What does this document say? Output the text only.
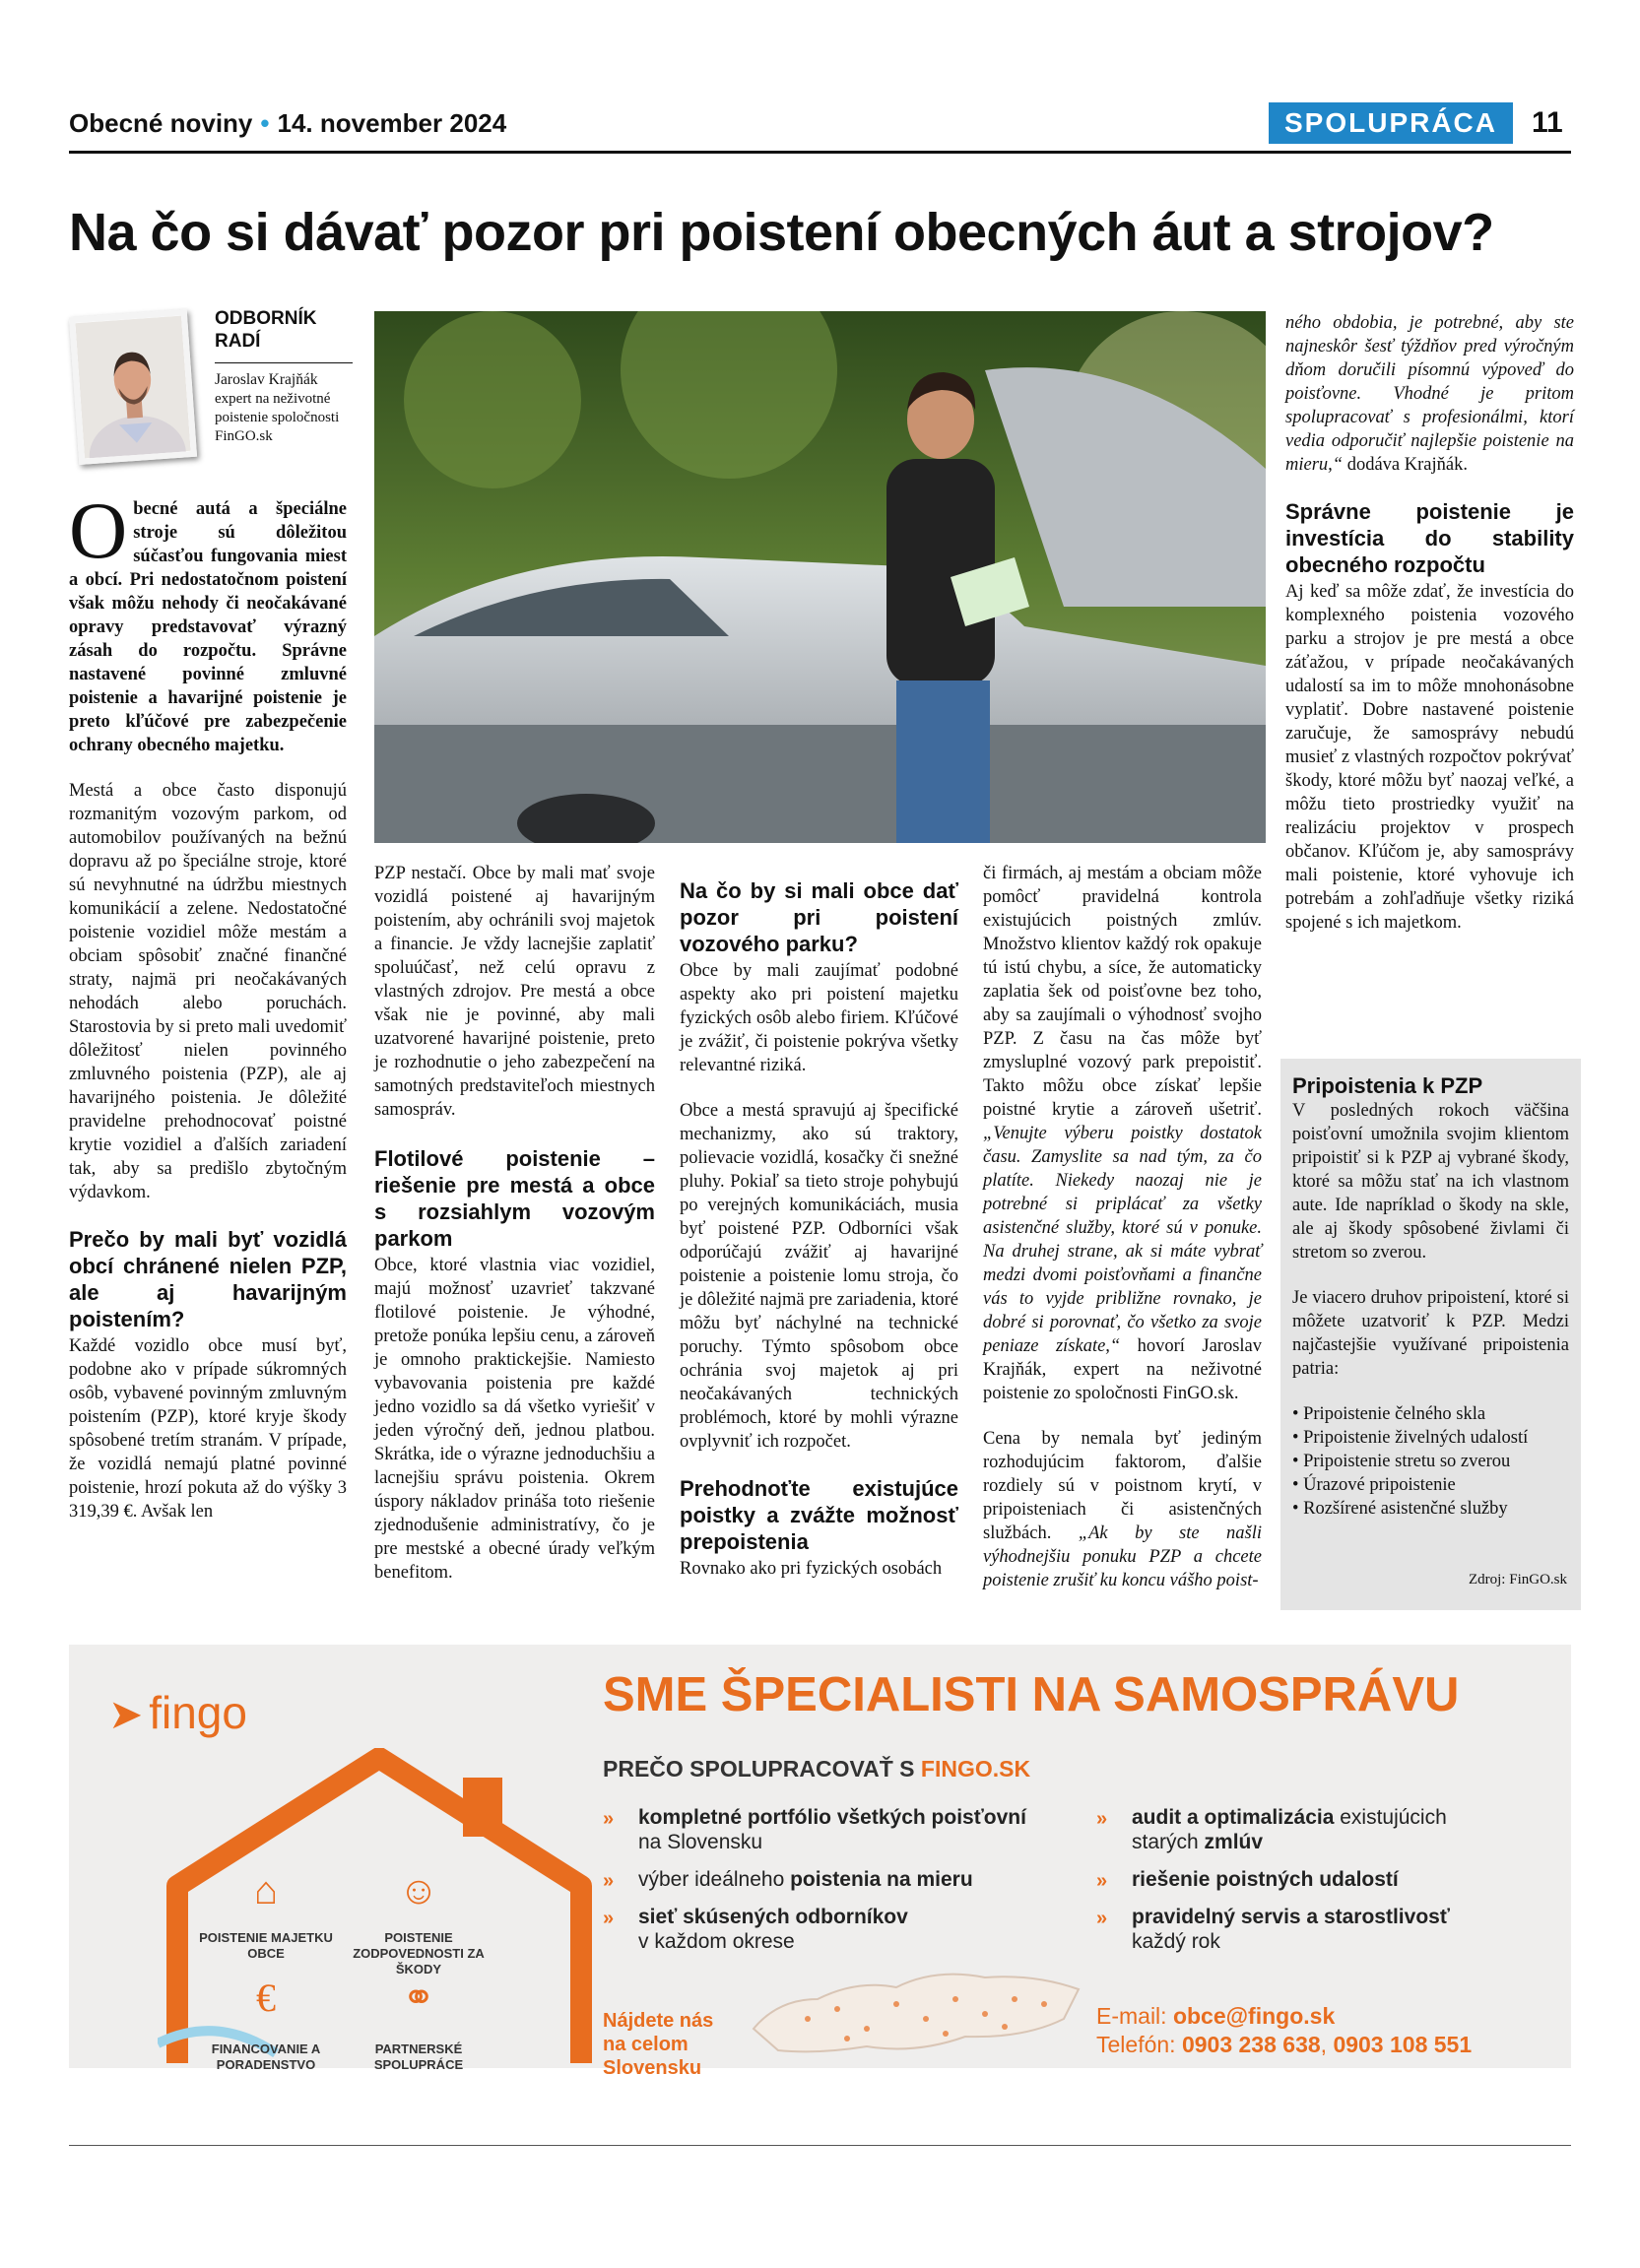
Obecné noviny • 14. november 2024	SPOLUPRÁCA	11
Na čo si dávať pozor pri poistení obecných áut a strojov?
ODBORNÍK RADÍ
Jaroslav Krajňák
expert na neživotné poistenie spoločnosti FinGO.sk

Obecné autá a špeciálne stroje sú dôležitou súčasťou fungovania miest a obcí. Pri nedostatočnom poistení však môžu nehody či neočakávané opravy predstavovať výrazný zásah do rozpočtu. Správne nastavené povinné zmluvné poistenie a havarijné poistenie je preto kľúčové pre zabezpečenie ochrany obecného majetku.

Mestá a obce často disponujú rozmanitým vozovým parkom, od automobilov používaných na bežnú dopravu až po špeciálne stroje, ktoré sú nevyhnutné na údržbu miestnych komunikácií a zelene. Nedostatočné poistenie vozidiel môže mestám a obciam spôsobiť značné finančné straty, najmä pri neočakávaných nehodách alebo poruchách. Starostovia by si preto mali uvedomiť dôležitosť nielen povinného zmluvného poistenia (PZP), ale aj havarijného poistenia. Je dôležité pravidelne prehodnocovať poistné krytie vozidiel a ďalších zariadení tak, aby sa predišlo zbytočným výdavkom.

Prečo by mali byť vozidlá obcí chránené nielen PZP, ale aj havarijným poistením?

Každé vozidlo obce musí byť, podobne ako v prípade súkromných osôb, vybavené povinným zmluvným poistením (PZP), ktoré kryje škody spôsobené tretím stranám. V prípade, že vozidlá nemajú platné povinné poistenie, hrozí pokuta až do výšky 3 319,39 €. Avšak len

PZP nestačí. Obce by mali mať svoje vozidlá poistené aj havarijným poistením, aby ochránili svoj majetok a financie. Je vždy lacnejšie zaplatiť spoluúčasť, než celú opravu z vlastných zdrojov. Pre mestá a obce však nie je povinné, aby mali uzatvorené havarijné poistenie, preto je rozhodnutie o jeho zabezpečení na samotných predstaviteľoch miestnych samospráv.

Flotilové poistenie – riešenie pre mestá a obce s rozsiahlym vozovým parkom

Obce, ktoré vlastnia viac vozidiel, majú možnosť uzavrieť takzvané flotilové poistenie. Je výhodné, pretože ponúka lepšiu cenu, a zároveň je omnoho praktickejšie. Namiesto vybavovania poistenia pre každé jedno vozidlo sa dá všetko vyriešiť v jeden výročný deň, jednou platbou. Skrátka, ide o výrazne jednoduchšiu a lacnejšiu správu poistenia. Okrem úspory nákladov prináša toto riešenie zjednodušenie administratívy, čo je pre mestské a obecné úrady veľkým benefitom.

Na čo by si mali obce dať pozor pri poistení vozového parku?

Obce by mali zaujímať podobné aspekty ako pri poistení majetku fyzických osôb alebo firiem. Kľúčové je zvážiť, či poistenie pokrýva všetky relevantné riziká.

Obce a mestá spravujú aj špecifické mechanizmy, ako sú traktory, polievacie vozidlá, kosačky či snežné pluhy. Pokiaľ sa tieto stroje pohybujú po verejných komunikáciách, musia byť poistené PZP. Odborníci však odporúčajú zvážiť aj havarijné poistenie a poistenie lomu stroja, čo je dôležité najmä pre zariadenia, ktoré môžu byť náchylné na technické poruchy. Týmto spôsobom obce ochránia svoj majetok aj pri neočakávaných technických problémoch, ktoré by mohli výrazne ovplyvniť ich rozpočet.

Prehodnoťte existujúce poistky a zvážte možnosť prepoistenia

Rovnako ako pri fyzických osobách

či firmách, aj mestám a obciam môže pomôcť pravidelná kontrola existujúcich poistných zmlúv. Množstvo klientov každý rok opakuje tú istú chybu, a síce, že automaticky zaplatia šek od poisťovne bez toho, aby sa zaujímali o výhodnosť svojho PZP. Z času na čas môže byť zmysluplné vozový park prepoistiť. Takto môžu obce získať lepšie poistné krytie a zároveň ušetriť. „Venujte výberu poistky dostatok času. Zamyslite sa nad tým, za čo platíte. Niekedy naozaj nie je potrebné si priplácať za všetky asistenčné služby, ktoré sú v ponuke. Na druhej strane, ak si máte vybrať medzi dvomi poisťovňami a finančne vás to vyjde približne rovnako, je dobré si porovnať, čo všetko za svoje peniaze získate,“ hovorí Jaroslav Krajňák, expert na neživotné poistenie zo spoločnosti FinGO.sk.

Cena by nemala byť jediným rozhodujúcim faktorom, ďalšie rozdiely sú v poistnom krytí, v pripoisteniach či asistenčných službách. „Ak by ste našli výhodnejšiu ponuku PZP a chcete poistenie zrušiť ku koncu vášho poist-

ného obdobia, je potrebné, aby ste najneskôr šesť týždňov pred výročným dňom doručili písomnú výpoveď do poisťovne. Vhodné je pritom spolupracovať s profesionálmi, ktorí vedia odporučiť najlepšie poistenie na mieru,“ dodáva Krajňák.

Správne poistenie je investícia do stability obecného rozpočtu

Aj keď sa môže zdať, že investícia do komplexného poistenia vozového parku a strojov je pre mestá a obce záťažou, v prípade neočakávaných udalostí sa im to môže mnohonásobne vyplatiť. Dobre nastavené poistenie zaručuje, že samosprávy nebudú musieť z vlastných rozpočtov pokrývať škody, ktoré môžu byť naozaj veľké, a môžu tieto prostriedky využiť na realizáciu projektov v prospech občanov. Kľúčom je, aby samosprávy mali poistenie, ktoré vyhovuje ich potrebám a zohľadňuje všetky riziká spojené s ich majetkom.

Pripoistenia k PZP

V posledných rokoch väčšina poisťovní umožnila svojim klientom pripoistiť si k PZP aj vybrané škody, ktoré sa môžu stať na ich vlastnom aute. Ide napríklad o škody na skle, ale aj škody spôsobené živlami či stretom so zverou.

Je viacero druhov pripoistení, ktoré si môžete uzatvoriť k PZP. Medzi najčastejšie využívané pripoistenia patria:

• Pripoistenie čelného skla
• Pripoistenie živelných udalostí
• Pripoistenie stretu so zverou
• Úrazové pripoistenie
• Rozšírené asistenčné služby
Zdroj: FinGO.sk
➤ fingo
⌂	☺
POISTENIE MAJETKU OBCE
POISTENIE ZODPOVEDNOSTI ZA ŠKODY
€	⚭
FINANCOVANIE A PORADENSTVO
PARTNERSKÉ SPOLUPRÁCE
SME ŠPECIALISTI NA SAMOSPRÁVU
PREČO SPOLUPRACOVAŤ S FINGO.SK
» kompletné portfólio všetkých poisťovní
na Slovensku
» výber ideálneho poistenia na mieru
» sieť skúsených odborníkov
v každom okrese
» audit a optimalizácia existujúcich
starých zmlúv
» riešenie poistných udalostí
» pravidelný servis a starostlivosť
každý rok
Nájdete nás na celom Slovensku
E-mail: obce@fingo.sk
Telefón: 0903 238 638, 0903 108 551
